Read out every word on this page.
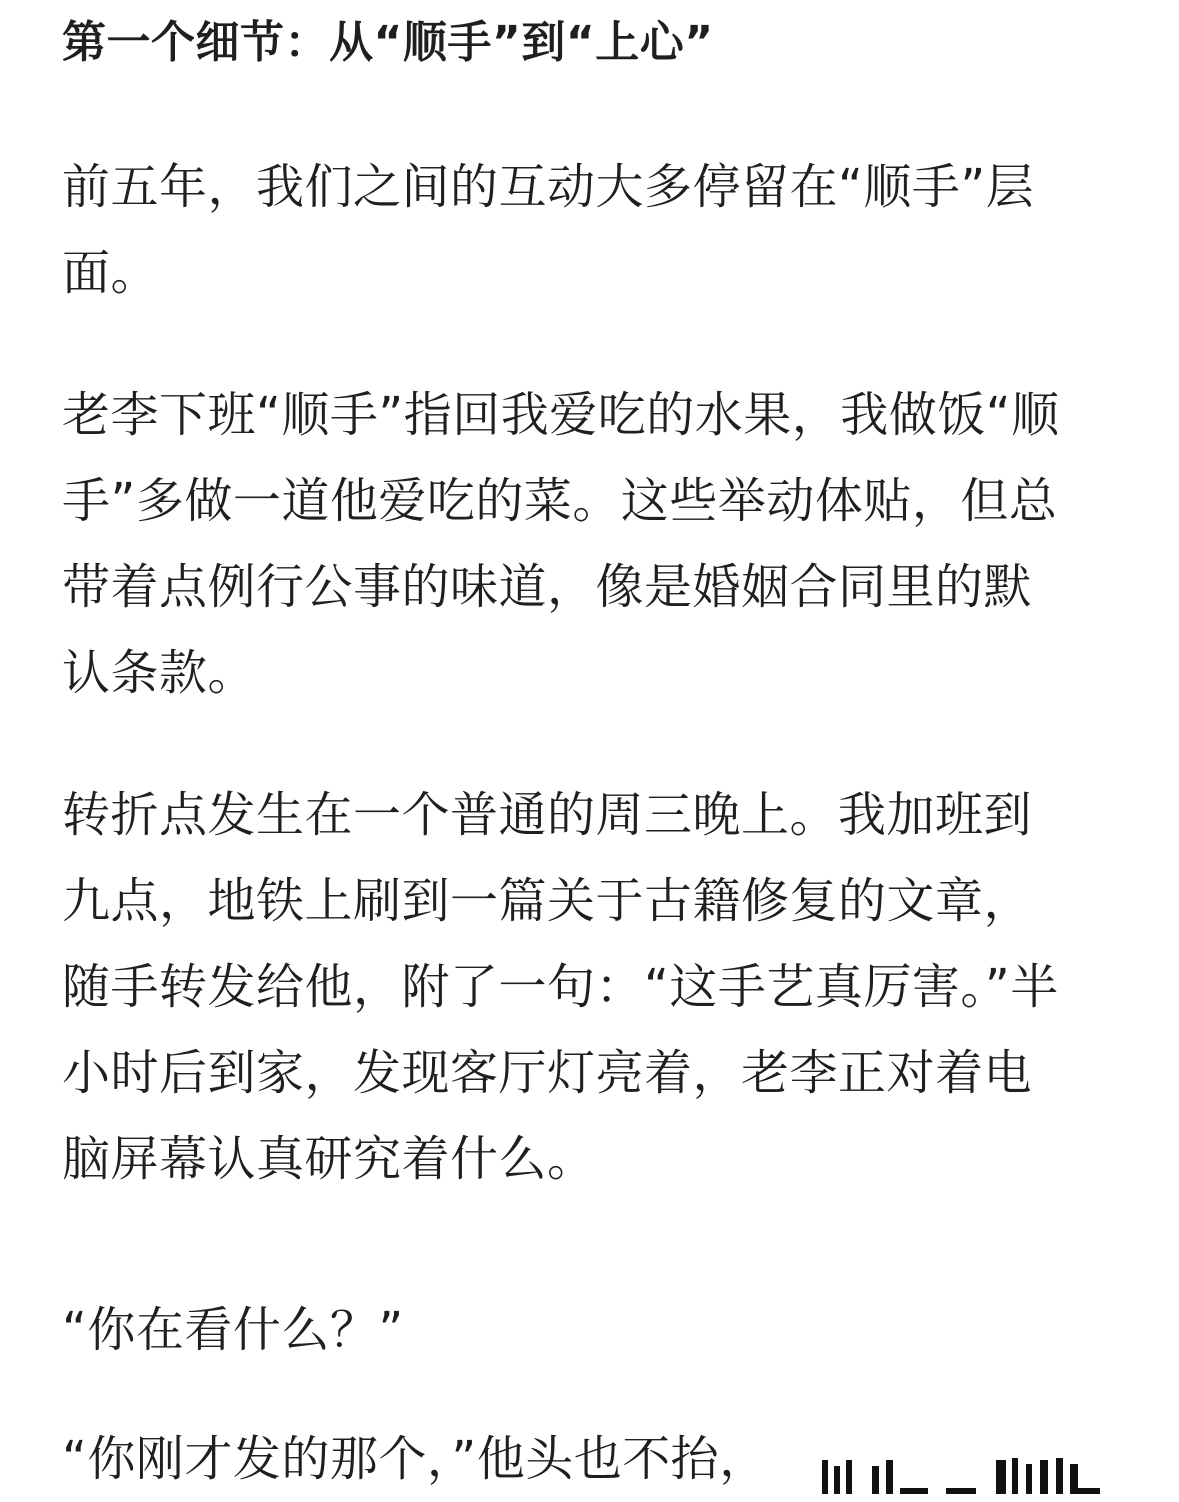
第一个细节：从“顺手”到“上心”

前五年，我们之间的互动大多停留在“顺手”层
面。

老李下班“顺手”指回我爱吃的水果，我做饭“顺
手”多做一道他爱吃的菜。这些举动体贴，但总
带着点例行公事的味道，像是婚姻合同里的默
认条款。

转折点发生在一个普通的周三晚上。我加班到
九点，地铁上刷到一篇关于古籍修复的文章，
随手转发给他，附了一句：“这手艺真厉害。”半
小时后到家，发现客厅灯亮着，老李正对着电
脑屏幕认真研究着什么。

“你在看什么？”

“你刚才发的那个，”他头也不抬，
